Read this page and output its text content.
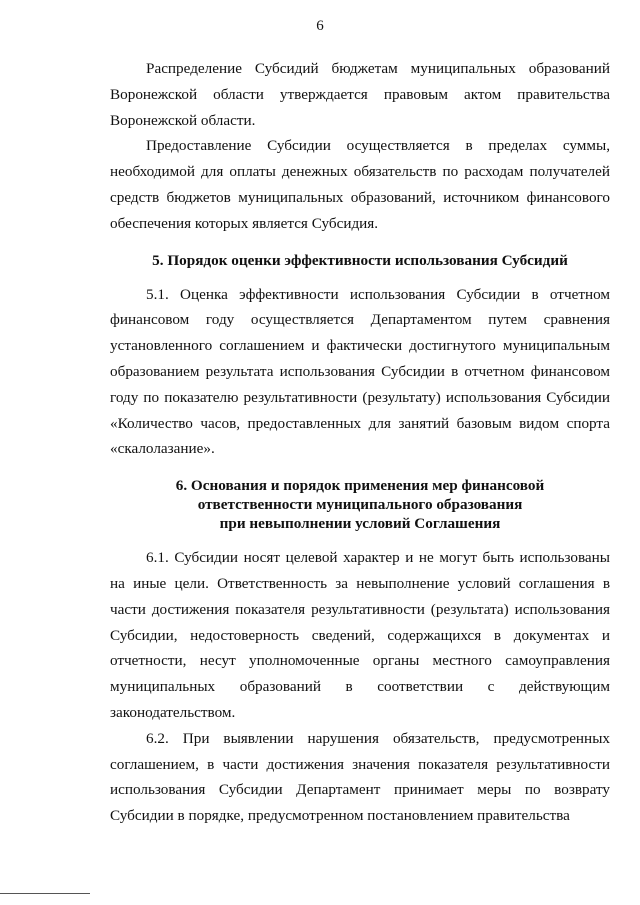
6

Распределение Субсидий бюджетам муниципальных образований Воронежской области утверждается правовым актом правительства Воронежской области.

Предоставление Субсидии осуществляется в пределах суммы, необходимой для оплаты денежных обязательств по расходам получателей средств бюджетов муниципальных образований, источником финансового обеспечения которых является Субсидия.

5. Порядок оценки эффективности использования Субсидий

5.1. Оценка эффективности использования Субсидии в отчетном финансовом году осуществляется Департаментом путем сравнения установленного соглашением и фактически достигнутого муниципальным образованием результата использования Субсидии в отчетном финансовом году по показателю результативности (результату) использования Субсидии «Количество часов, предоставленных для занятий базовым видом спорта «скалолазание».

6. Основания и порядок применения мер финансовой

ответственности муниципального образования

при невыполнении условий Соглашения

6.1. Субсидии носят целевой характер и не могут быть использованы на иные цели. Ответственность за невыполнение условий соглашения в части достижения показателя результативности (результата) использования Субсидии, недостоверность сведений, содержащихся в документах и отчетности, несут уполномоченные органы местного самоуправления муниципальных образований в соответствии с действующим законодательством.

6.2. При выявлении нарушения обязательств, предусмотренных соглашением, в части достижения значения показателя результативности использования Субсидии Департамент принимает меры по возврату Субсидии в порядке, предусмотренном постановлением правительства
